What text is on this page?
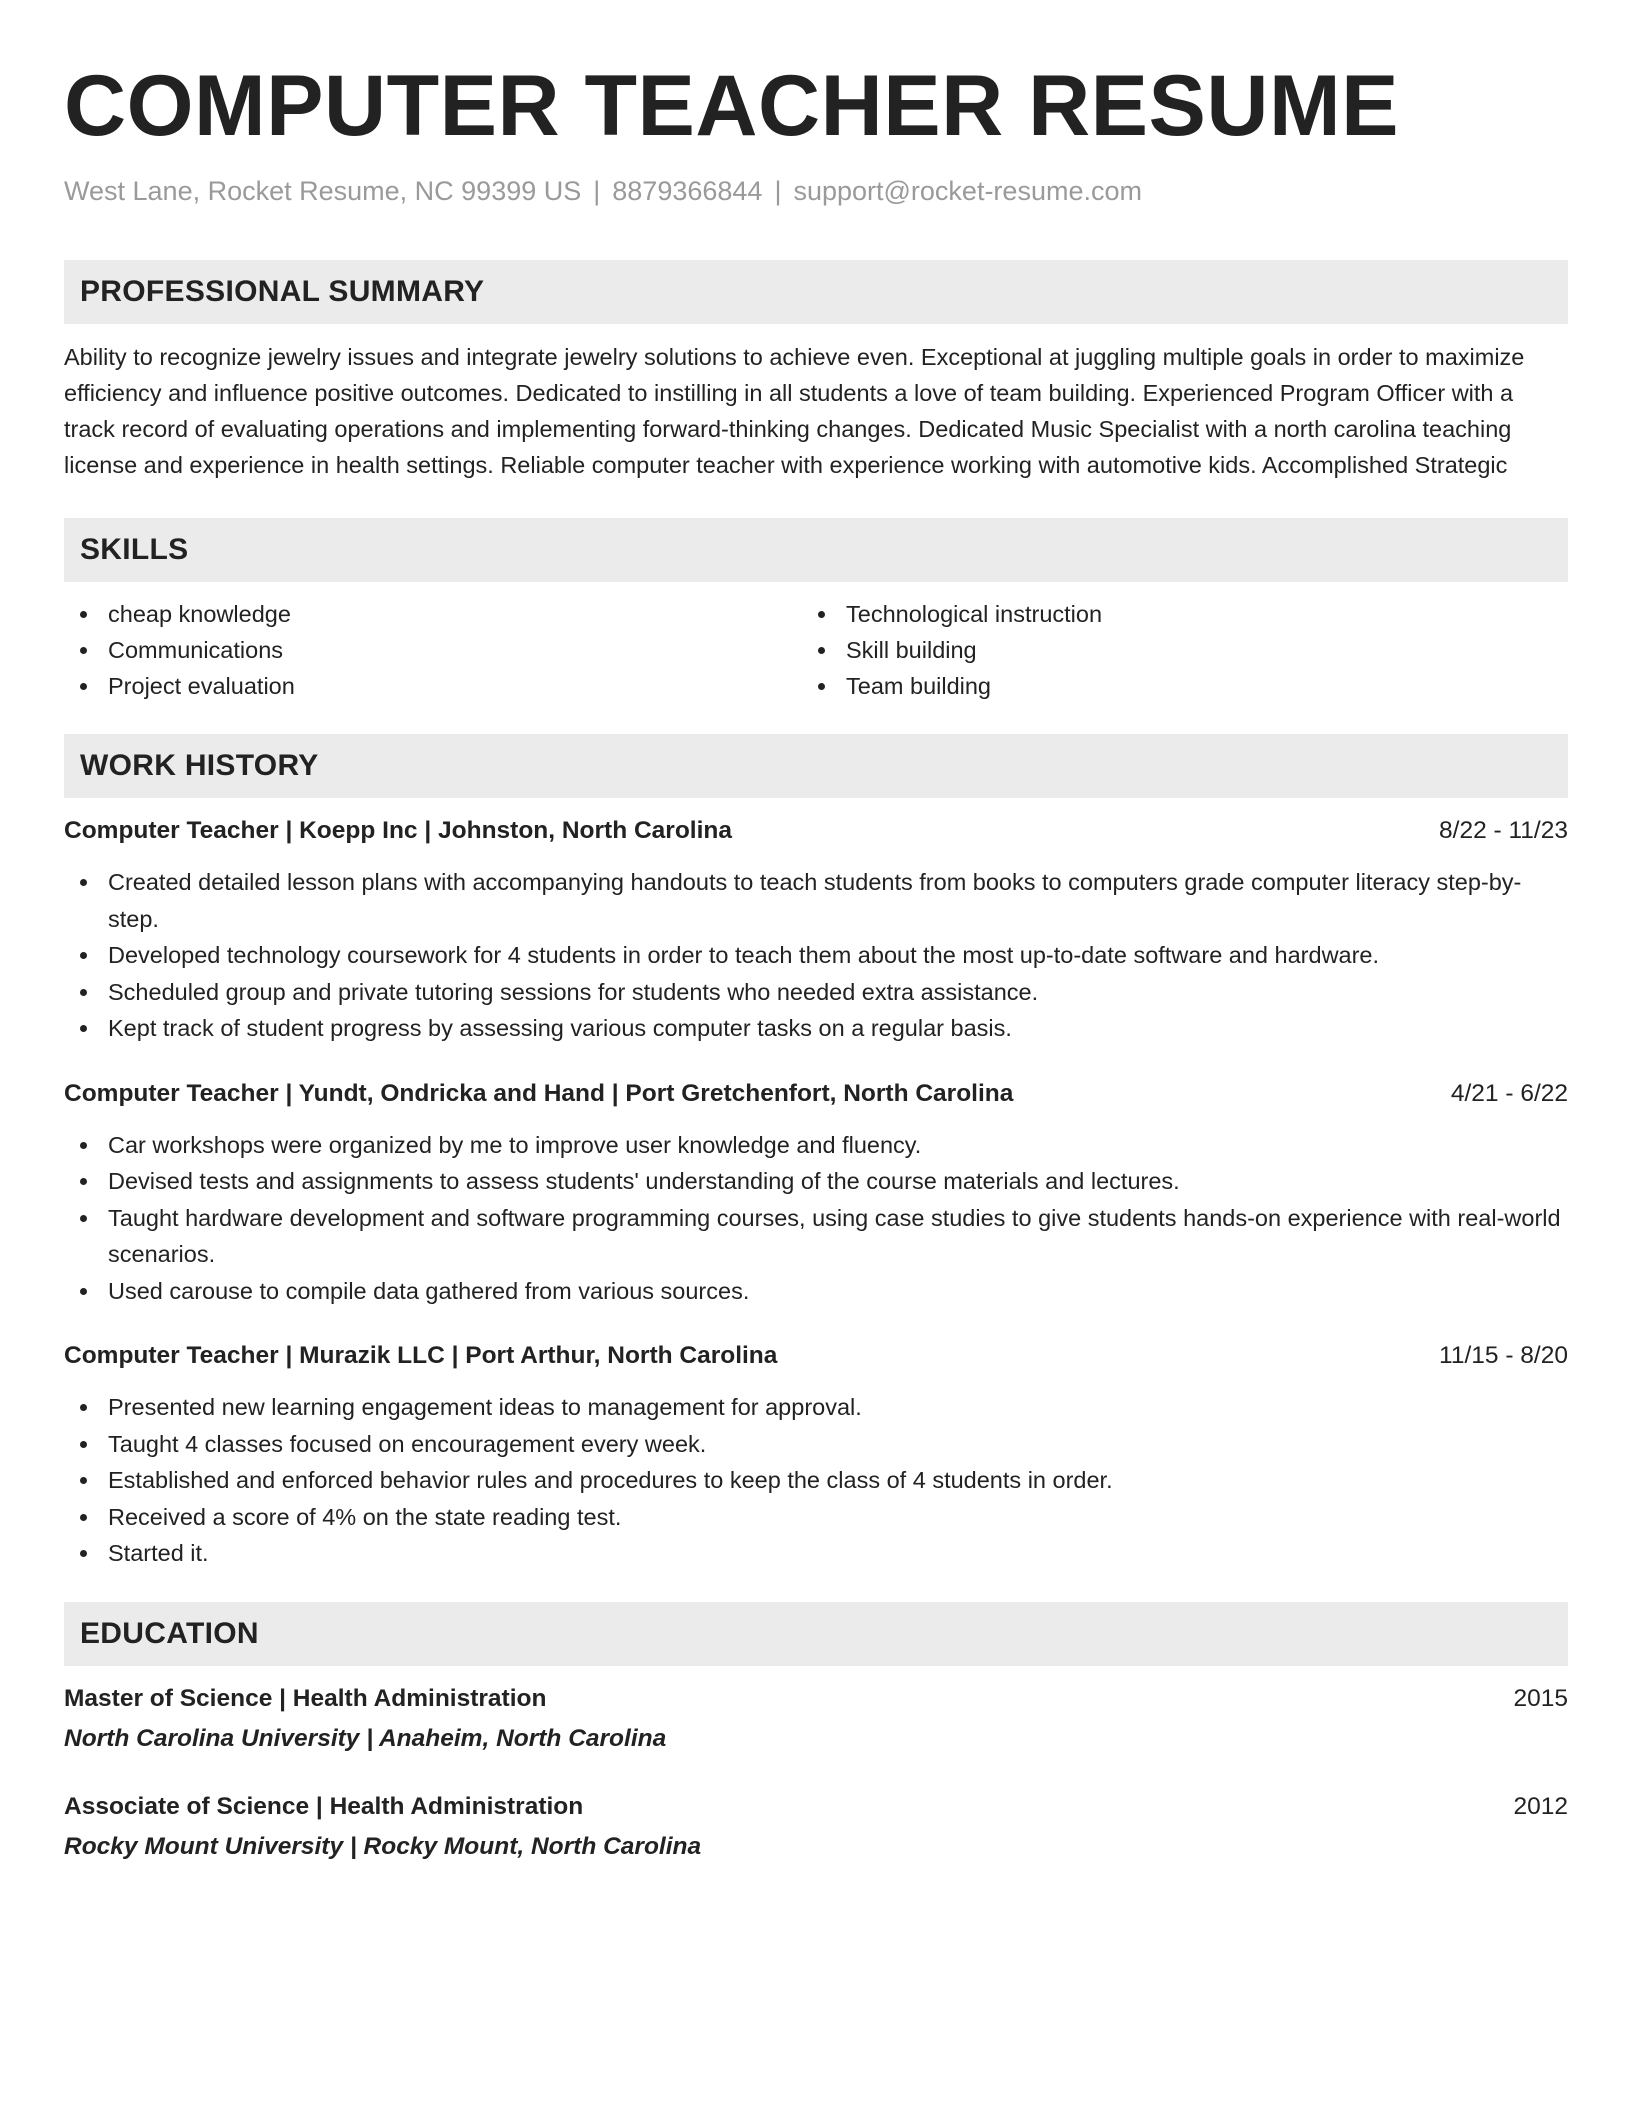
COMPUTER TEACHER RESUME
West Lane, Rocket Resume, NC 99399 US | 8879366844 | support@rocket-resume.com
PROFESSIONAL SUMMARY

Ability to recognize jewelry issues and integrate jewelry solutions to achieve even. Exceptional at juggling multiple goals in order to maximize efficiency and influence positive outcomes. Dedicated to instilling in all students a love of team building. Experienced Program Officer with a track record of evaluating operations and implementing forward-thinking changes. Dedicated Music Specialist with a north carolina teaching license and experience in health settings. Reliable computer teacher with experience working with automotive kids. Accomplished Strategic

SKILLS
cheap knowledge
Communications
Project evaluation
Technological instruction
Skill building
Team building
WORK HISTORY
Computer Teacher | Koepp Inc | Johnston, North Carolina	8/22 - 11/23
Created detailed lesson plans with accompanying handouts to teach students from books to computers grade computer literacy step-by-step.
Developed technology coursework for 4 students in order to teach them about the most up-to-date software and hardware.
Scheduled group and private tutoring sessions for students who needed extra assistance.
Kept track of student progress by assessing various computer tasks on a regular basis.
Computer Teacher | Yundt, Ondricka and Hand | Port Gretchenfort, North Carolina	4/21 - 6/22
Car workshops were organized by me to improve user knowledge and fluency.
Devised tests and assignments to assess students' understanding of the course materials and lectures.
Taught hardware development and software programming courses, using case studies to give students hands-on experience with real-world scenarios.
Used carouse to compile data gathered from various sources.
Computer Teacher | Murazik LLC | Port Arthur, North Carolina	11/15 - 8/20
Presented new learning engagement ideas to management for approval.
Taught 4 classes focused on encouragement every week.
Established and enforced behavior rules and procedures to keep the class of 4 students in order.
Received a score of 4% on the state reading test.
Started it.
EDUCATION
Master of Science | Health Administration	2015
North Carolina University | Anaheim, North Carolina
Associate of Science | Health Administration	2012
Rocky Mount University | Rocky Mount, North Carolina
